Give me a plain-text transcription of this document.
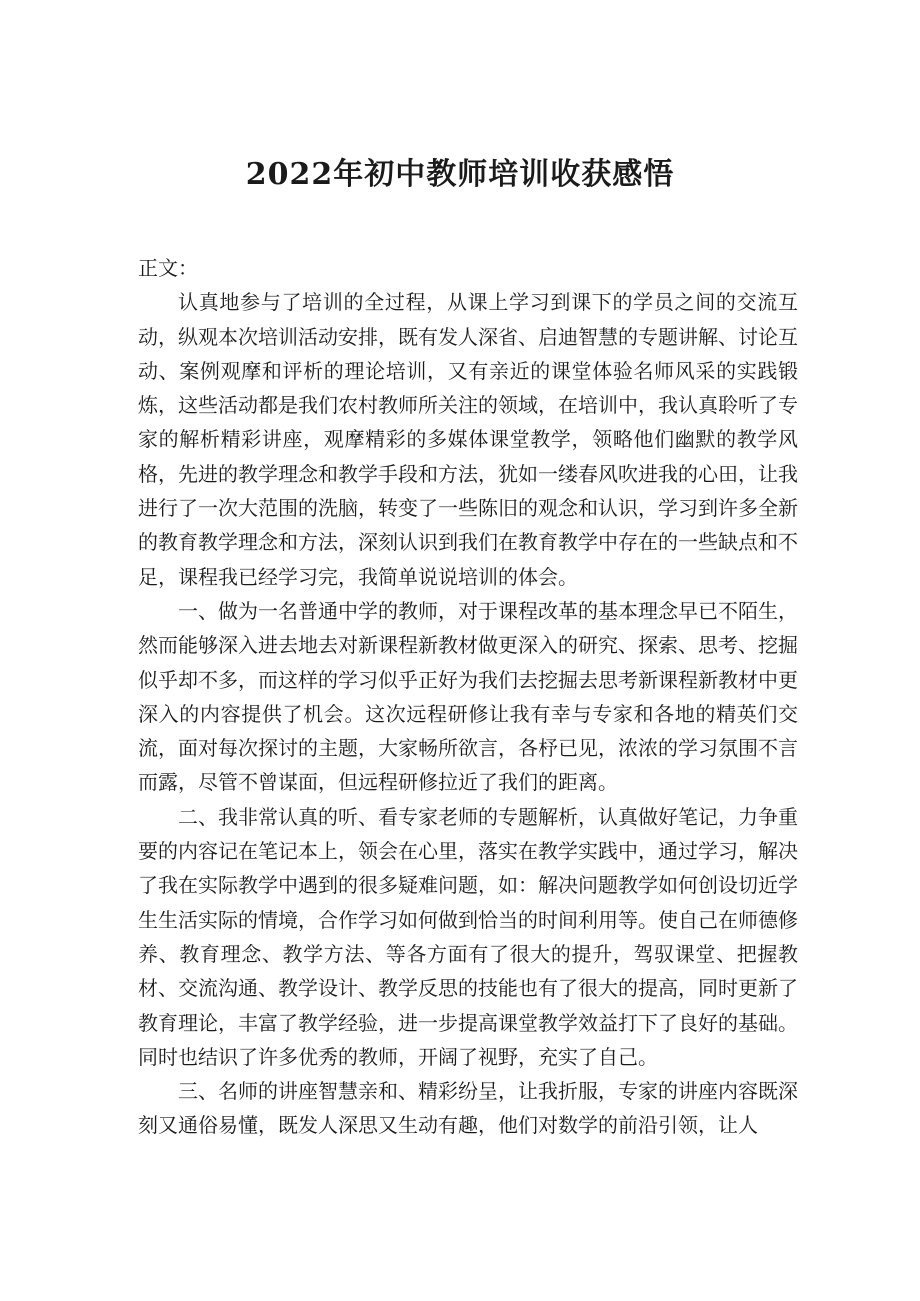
2022年初中教师培训收获感悟

正文：

认真地参与了培训的全过程，从课上学习到课下的学员之间的交流互动，纵观本次培训活动安排，既有发人深省、启迪智慧的专题讲解、讨论互动、案例观摩和评析的理论培训，又有亲近的课堂体验名师风采的实践锻炼，这些活动都是我们农村教师所关注的领域，在培训中，我认真聆听了专家的解析精彩讲座，观摩精彩的多媒体课堂教学，领略他们幽默的教学风格，先进的教学理念和教学手段和方法，犹如一缕春风吹进我的心田，让我进行了一次大范围的洗脑，转变了一些陈旧的观念和认识，学习到许多全新的教育教学理念和方法，深刻认识到我们在教育教学中存在的一些缺点和不足，课程我已经学习完，我简单说说培训的体会。

一、做为一名普通中学的教师，对于课程改革的基本理念早已不陌生，然而能够深入进去地去对新课程新教材做更深入的研究、探索、思考、挖掘似乎却不多，而这样的学习似乎正好为我们去挖掘去思考新课程新教材中更深入的内容提供了机会。这次远程研修让我有幸与专家和各地的精英们交流，面对每次探讨的主题，大家畅所欲言，各杼已见，浓浓的学习氛围不言而露，尽管不曾谋面，但远程研修拉近了我们的距离。

二、我非常认真的听、看专家老师的专题解析，认真做好笔记，力争重要的内容记在笔记本上，领会在心里，落实在教学实践中，通过学习，解决了我在实际教学中遇到的很多疑难问题，如：解决问题教学如何创设切近学生生活实际的情境，合作学习如何做到恰当的时间利用等。使自己在师德修养、教育理念、教学方法、等各方面有了很大的提升，驾驭课堂、把握教材、交流沟通、教学设计、教学反思的技能也有了很大的提高，同时更新了教育理论，丰富了教学经验，进一步提高课堂教学效益打下了良好的基础。同时也结识了许多优秀的教师，开阔了视野，充实了自己。

三、名师的讲座智慧亲和、精彩纷呈，让我折服，专家的讲座内容既深刻又通俗易懂，既发人深思又生动有趣，他们对数学的前沿引领，让人
